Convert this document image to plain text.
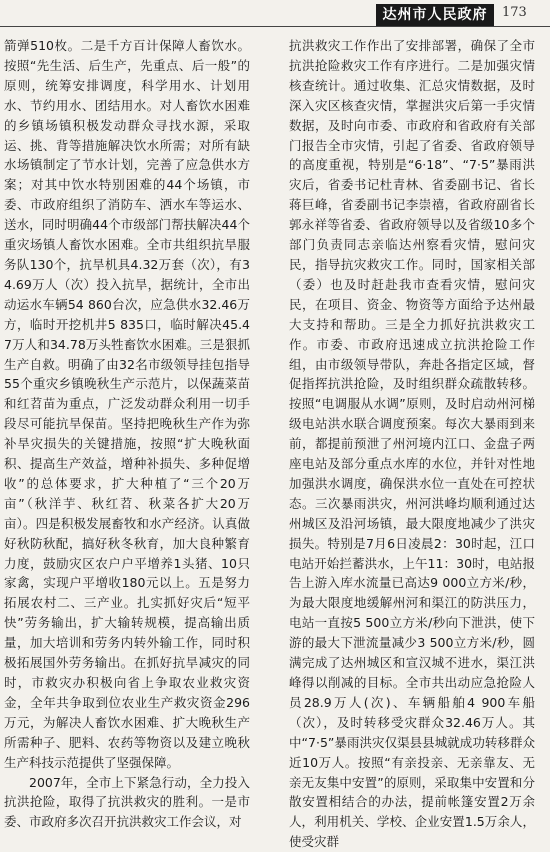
达州市人民政府	173

箭弹510枚。二是千方百计保障人畜饮水。按照“先生活、后生产，先重点、后一般”的原则，统筹安排调度，科学用水、计划用水、节约用水、团结用水。对人畜饮水困难的乡镇场镇积极发动群众寻找水源，采取运、挑、背等措施解决饮水所需；对所有缺水场镇制定了节水计划，完善了应急供水方案；对其中饮水特别困难的44个场镇，市委、市政府组织了消防车、洒水车等运水、送水，同时明确44个市级部门帮扶解决44个重灾场镇人畜饮水困难。全市共组织抗旱服务队130个，抗旱机具4.32万套（次），有34.69万人（次）投入抗旱，据统计，全市出动运水车辆54 860台次，应急供水32.46万方，临时开挖机井5 835口，临时解决45.47万人和34.78万头牲畜饮水困难。三是狠抓生产自救。明确了由32名市级领导挂包指导55个重灾乡镇晚秋生产示范片，以保蔬菜苗和红苕苗为重点，广泛发动群众利用一切手段尽可能抗旱保苗。坚持把晚秋生产作为弥补旱灾损失的关键措施，按照“扩大晚秋面积、提高生产效益，增种补损失、多种促增收”的总体要求，扩大种植了“三个20万亩”（秋洋芋、秋红苕、秋菜各扩大20万亩）。四是积极发展畜牧和水产经济。认真做好秋防秋配，搞好秋冬秋育，加大良种繁育力度，鼓励灾区农户户平增养1头猪、10只家禽，实现户平增收180元以上。五是努力拓展农村二、三产业。扎实抓好灾后“短平快”劳务输出，扩大输转规模，提高输出质量，加大培训和劳务内转外输工作，同时积极拓展国外劳务输出。在抓好抗旱减灾的同时，市救灾办积极向省上争取农业救灾资金，全年共争取到位农业生产救灾资金296万元，为解决人畜饮水困难、扩大晚秋生产所需种子、肥料、农药等物资以及建立晚秋生产科技示范提供了坚强保障。

2007年，全市上下紧急行动，全力投入抗洪抢险，取得了抗洪救灾的胜利。一是市委、市政府多次召开抗洪救灾工作会议，对

抗洪救灾工作作出了安排部署，确保了全市抗洪抢险救灾工作有序进行。二是加强灾情核查统计。通过收集、汇总灾情数据，及时深入灾区核查灾情，掌握洪灾后第一手灾情数据，及时向市委、市政府和省政府有关部门报告全市灾情，引起了省委、省政府领导的高度重视，特别是“6·18”、“7·5”暴雨洪灾后，省委书记杜青林、省委副书记、省长蒋巨峰，省委副书记李崇禧，省政府副省长郭永祥等省委、省政府领导以及省级10多个部门负责同志亲临达州察看灾情，慰问灾民，指导抗灾救灾工作。同时，国家相关部（委）也及时赶赴我市查看灾情，慰问灾民，在项目、资金、物资等方面给予达州最大支持和帮助。三是全力抓好抗洪救灾工作。市委、市政府迅速成立抗洪抢险工作组，由市级领导带队，奔赴各指定区域，督促指挥抗洪抢险，及时组织群众疏散转移。按照“电调服从水调”原则，及时启动州河梯级电站洪水联合调度预案。每次大暴雨到来前，都提前预泄了州河境内江口、金盘子两座电站及部分重点水库的水位，并针对性地加强洪水调度，确保洪水位一直处在可控状态。三次暴雨洪灾，州河洪峰均顺利通过达州城区及沿河场镇，最大限度地减少了洪灾损失。特别是7月6日凌晨2：30时起，江口电站开始拦蓄洪水，上午11：30时，电站报告上游入库水流量已高达9 000立方米/秒，为最大限度地缓解州河和渠江的防洪压力，电站一直按5 500立方米/秒向下泄洪，使下游的最大下泄流量减少3 500立方米/秒，圆满完成了达州城区和宣汉城不进水，渠江洪峰得以削减的目标。全市共出动应急抢险人员28.9万人(次)、车辆船舶4 900车船（次），及时转移受灾群众32.46万人。其中“7·5”暴雨洪灾仅渠县县城就成功转移群众近10万人。按照“有亲投亲、无亲靠友、无亲无友集中安置”的原则，采取集中安置和分散安置相结合的办法，提前帐篷安置2万余人，利用机关、学校、企业安置1.5万余人，使受灾群
